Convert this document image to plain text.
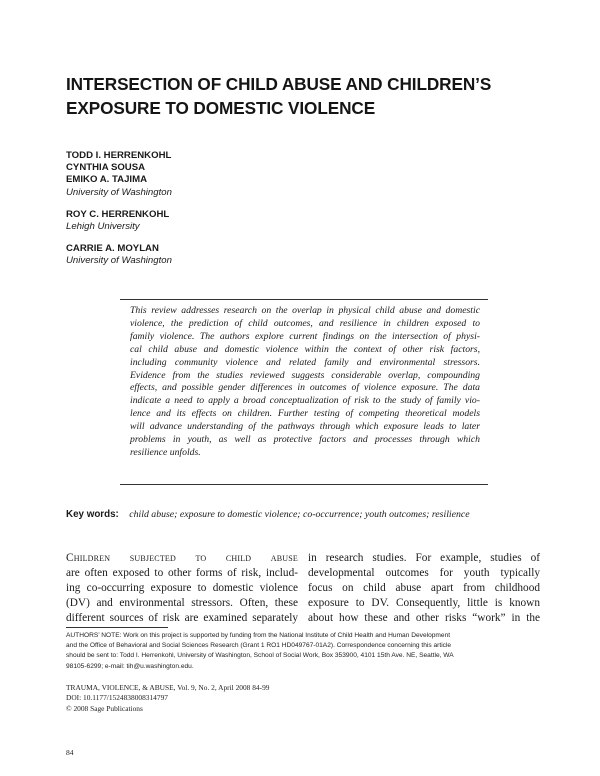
INTERSECTION OF CHILD ABUSE AND CHILDREN’S
EXPOSURE TO DOMESTIC VIOLENCE
TODD I. HERRENKOHL
CYNTHIA SOUSA
EMIKO A. TAJIMA
University of Washington
ROY C. HERRENKOHL
Lehigh University
CARRIE A. MOYLAN
University of Washington
This review addresses research on the overlap in physical child abuse and domestic
violence, the prediction of child outcomes, and resilience in children exposed to
family violence. The authors explore current findings on the intersection of physi-
cal child abuse and domestic violence within the context of other risk factors,
including community violence and related family and environmental stressors.
Evidence from the studies reviewed suggests considerable overlap, compounding
effects, and possible gender differences in outcomes of violence exposure. The data
indicate a need to apply a broad conceptualization of risk to the study of family vio-
lence and its effects on children. Further testing of competing theoretical models
will advance understanding of the pathways through which exposure leads to later
problems in youth, as well as protective factors and processes through which
resilience unfolds.
Key words: child abuse; exposure to domestic violence; co-occurrence; youth outcomes; resilience
Children subjected to child abuse
are often exposed to other forms of risk, includ-
ing co-occurring exposure to domestic violence
(DV) and environmental stressors. Often, these
different sources of risk are examined separately
in research studies. For example, studies of
developmental outcomes for youth typically
focus on child abuse apart from childhood
exposure to DV. Consequently, little is known
about how these and other risks “work” in the
AUTHORS’ NOTE: Work on this project is supported by funding from the National Institute of Child Health and Human Development
and the Office of Behavioral and Social Sciences Research (Grant 1 RO1 HD049767-01A2). Correspondence concerning this article
should be sent to: Todd I. Herrenkohl, University of Washington, School of Social Work, Box 353900, 4101 15th Ave. NE, Seattle, WA
98105-6299; e-mail: tih@u.washington.edu.
TRAUMA, VIOLENCE, & ABUSE, Vol. 9, No. 2, April 2008 84-99
DOI: 10.1177/1524838008314797
© 2008 Sage Publications
84
